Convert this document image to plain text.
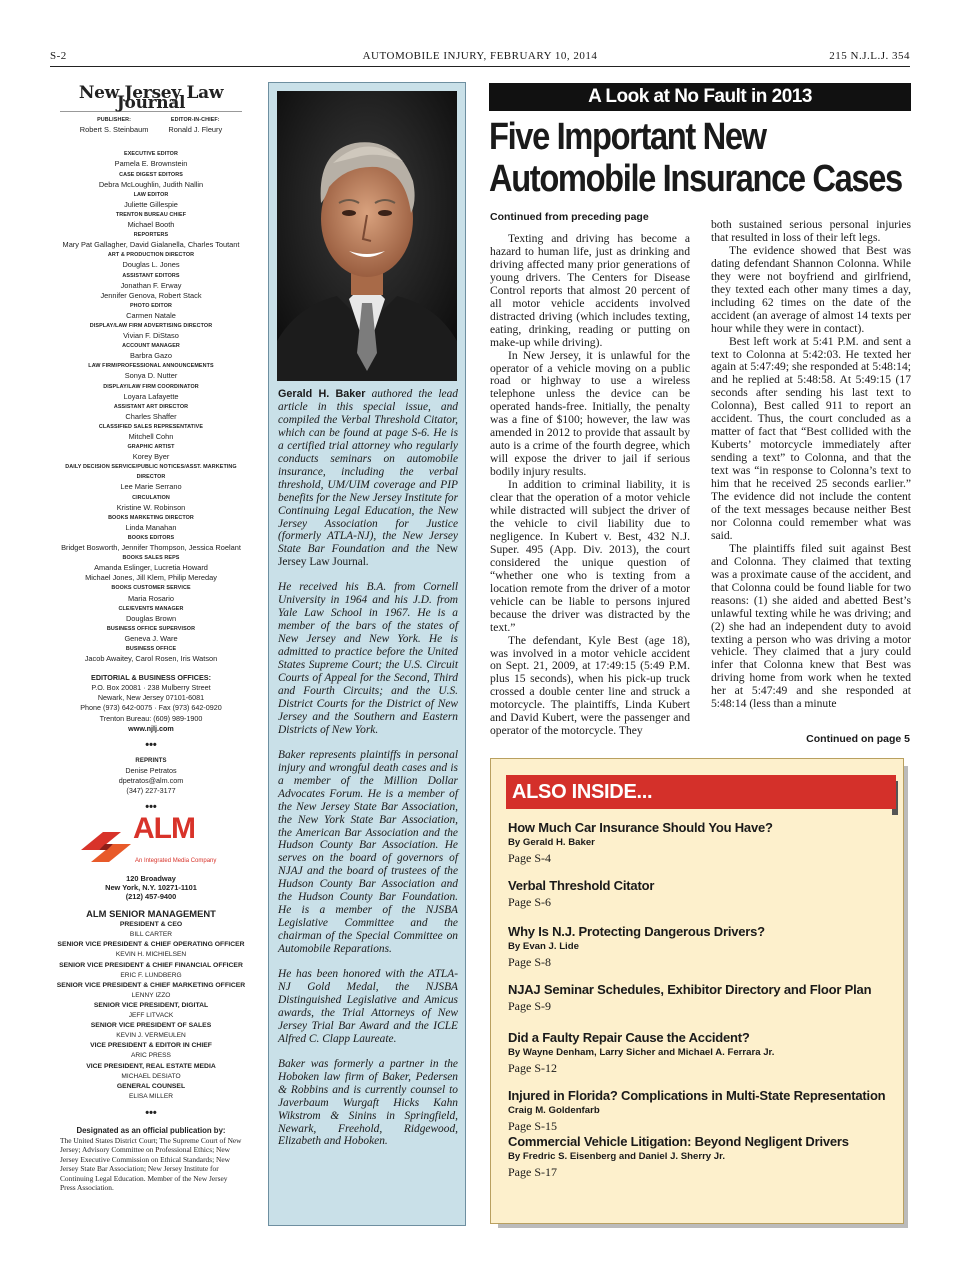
S-2	AUTOMOBILE INJURY, FEBRUARY 10, 2014	215 N.J.L.J. 354
New Jersey Law Journal
PUBLISHER:
Robert S. Steinbaum
EDITOR-IN-CHIEF:
Ronald J. Fleury
EXECUTIVE EDITOR
Pamela E. Brownstein
CASE DIGEST EDITORS
Debra McLoughlin, Judith Nallin
LAW EDITOR
Juliette Gillespie
TRENTON BUREAU CHIEF
Michael Booth
REPORTERS
Mary Pat Gallagher, David Gialanella, Charles Toutant
ART & PRODUCTION DIRECTOR
Douglas L. Jones
ASSISTANT EDITORS
Jonathan F. Erway
Jennifer Genova, Robert Stack
PHOTO EDITOR
Carmen Natale
DISPLAY/LAW FIRM ADVERTISING DIRECTOR
Vivian F. DiStaso
ACCOUNT MANAGER
Barbra Gazo
LAW FIRM/PROFESSIONAL ANNOUNCEMENTS
Sonya D. Nutter
DISPLAY/LAW FIRM COORDINATOR
Loyara Lafayette
ASSISTANT ART DIRECTOR
Charles Shaffer
CLASSIFIED SALES REPRESENTATIVE
Mitchell Cohn
GRAPHIC ARTIST
Korey Byer
DAILY DECISION SERVICE/PUBLIC NOTICES/ASST. MARKETING DIRECTOR
Lee Marie Serrano
CIRCULATION
Kristine W. Robinson
BOOKS MARKETING DIRECTOR
Linda Manahan
BOOKS EDITORS
Bridget Bosworth, Jennifer Thompson, Jessica Roelant
BOOKS SALES REPS
Amanda Eslinger, Lucretia Howard
Michael Jones, Jill Klem, Philip Mereday
BOOKS CUSTOMER SERVICE
Maria Rosario
CLE/EVENTS MANAGER
Douglas Brown
BUSINESS OFFICE SUPERVISOR
Geneva J. Ware
BUSINESS OFFICE
Jacob Awaitey, Carol Rosen, Iris Watson
EDITORIAL & BUSINESS OFFICES:
P.O. Box 20081 · 238 Mulberry Street
Newark, New Jersey 07101-6081
Phone (973) 642-0075 · Fax (973) 642-0920
Trenton Bureau: (609) 989-1900
www.njlj.com
•••
REPRINTS
Denise Petratos
dpetratos@alm.com
(347) 227-3177
•••
ALM
An Integrated Media Company
120 Broadway
New York, N.Y. 10271-1101
(212) 457-9400
ALM SENIOR MANAGEMENT
PRESIDENT & CEO
BILL CARTER
SENIOR VICE PRESIDENT & CHIEF OPERATING OFFICER
KEVIN H. MICHIELSEN
SENIOR VICE PRESIDENT & CHIEF FINANCIAL OFFICER
ERIC F. LUNDBERG
SENIOR VICE PRESIDENT & CHIEF MARKETING OFFICER
LENNY IZZO
SENIOR VICE PRESIDENT, DIGITAL
JEFF LITVACK
SENIOR VICE PRESIDENT OF SALES
KEVIN J. VERMEULEN
VICE PRESIDENT & EDITOR IN CHIEF
ARIC PRESS
VICE PRESIDENT, REAL ESTATE MEDIA
MICHAEL DESIATO
GENERAL COUNSEL
ELISA MILLER
•••
Designated as an official publication by:
The United States District Court; The Supreme Court of New Jersey; Advisory Committee on Professional Ethics; New Jersey Executive Commission on Ethical Standards; New Jersey State Bar Association; New Jersey Institute for Continuing Legal Education. Member of the New Jersey Press Association.

Gerald H. Baker authored the lead article in this special issue, and compiled the Verbal Threshold Citator, which can be found at page S-6. He is a certified trial attorney who regularly conducts seminars on automobile insurance, including the verbal threshold, UM/UIM coverage and PIP benefits for the New Jersey Institute for Continuing Legal Education, the New Jersey Association for Justice (formerly ATLA-NJ), the New Jersey State Bar Foundation and the New Jersey Law Journal.

He received his B.A. from Cornell University in 1964 and his J.D. from Yale Law School in 1967. He is a member of the bars of the states of New Jersey and New York. He is admitted to practice before the United States Supreme Court; the U.S. Circuit Courts of Appeal for the Second, Third and Fourth Circuits; and the U.S. District Courts for the District of New Jersey and the Southern and Eastern Districts of New York.

Baker represents plaintiffs in personal injury and wrongful death cases and is a member of the Million Dollar Advocates Forum. He is a member of the New Jersey State Bar Association, the New York State Bar Association, the American Bar Association and the Hudson County Bar Association. He serves on the board of governors of NJAJ and the board of trustees of the Hudson County Bar Association and the Hudson County Bar Foundation. He is a member of the NJSBA Legislative Committee and the chairman of the Special Committee on Automobile Reparations.

He has been honored with the ATLA-NJ Gold Medal, the NJSBA Distinguished Legislative and Amicus awards, the Trial Attorneys of New Jersey Trial Bar Award and the ICLE Alfred C. Clapp Laureate.

Baker was formerly a partner in the Hoboken law firm of Baker, Pedersen & Robbins and is currently counsel to Javerbaum Wurgaft Hicks Kahn Wikstrom & Sinins in Springfield, Newark, Freehold, Ridgewood, Elizabeth and Hoboken.

A Look at No Fault in 2013
Five Important New Automobile Insurance Cases
Continued from preceding page

Texting and driving has become a hazard to human life, just as drinking and driving affected many prior generations of young drivers. The Centers for Disease Control reports that almost 20 percent of all motor vehicle accidents involved distracted driving (which includes texting, eating, drinking, reading or putting on make-up while driving).

In New Jersey, it is unlawful for the operator of a vehicle moving on a public road or highway to use a wireless telephone unless the device can be operated hands-free. Initially, the penalty was a fine of $100; however, the law was amended in 2012 to provide that assault by auto is a crime of the fourth degree, which will expose the driver to jail if serious bodily injury results.

In addition to criminal liability, it is clear that the operation of a motor vehicle while distracted will subject the driver of the vehicle to civil liability due to negligence. In Kubert v. Best, 432 N.J. Super. 495 (App. Div. 2013), the court considered the unique question of “whether one who is texting from a location remote from the driver of a motor vehicle can be liable to persons injured because the driver was distracted by the text.”

The defendant, Kyle Best (age 18), was involved in a motor vehicle accident on Sept. 21, 2009, at 17:49:15 (5:49 P.M. plus 15 seconds), when his pick-up truck crossed a double center line and struck a motorcycle. The plaintiffs, Linda Kubert and David Kubert, were the passenger and operator of the motorcycle. They

both sustained serious personal injuries that resulted in loss of their left legs.

The evidence showed that Best was dating defendant Shannon Colonna. While they were not boyfriend and girlfriend, they texted each other many times a day, including 62 times on the date of the accident (an average of almost 14 texts per hour while they were in contact).

Best left work at 5:41 P.M. and sent a text to Colonna at 5:42:03. He texted her again at 5:47:49; she responded at 5:48:14; and he replied at 5:48:58. At 5:49:15 (17 seconds after sending his last text to Colonna), Best called 911 to report an accident. Thus, the court concluded as a matter of fact that “Best collided with the Kuberts’ motorcycle immediately after sending a text” to Colonna, and that the text was “in response to Colonna’s text to him that he received 25 seconds earlier.” The evidence did not include the content of the text messages because neither Best nor Colonna could remember what was said.

The plaintiffs filed suit against Best and Colonna. They claimed that texting was a proximate cause of the accident, and that Colonna could be found liable for two reasons: (1) she aided and abetted Best’s unlawful texting while he was driving; and (2) she had an independent duty to avoid texting a person who was driving a motor vehicle. They claimed that a jury could infer that Colonna knew that Best was driving home from work when he texted her at 5:47:49 and she responded at 5:48:14 (less than a minute

Continued on page 5
ALSO INSIDE...
How Much Car Insurance Should You Have?
By Gerald H. Baker
Page S-4
Verbal Threshold Citator
Page S-6
Why Is N.J. Protecting Dangerous Drivers?
By Evan J. Lide
Page S-8
NJAJ Seminar Schedules, Exhibitor Directory and Floor Plan
Page S-9
Did a Faulty Repair Cause the Accident?
By Wayne Denham, Larry Sicher and Michael A. Ferrara Jr.
Page S-12
Injured in Florida? Complications in Multi-State Representation
Craig M. Goldenfarb
Page S-15
Commercial Vehicle Litigation: Beyond Negligent Drivers
By Fredric S. Eisenberg and Daniel J. Sherry Jr.
Page S-17
